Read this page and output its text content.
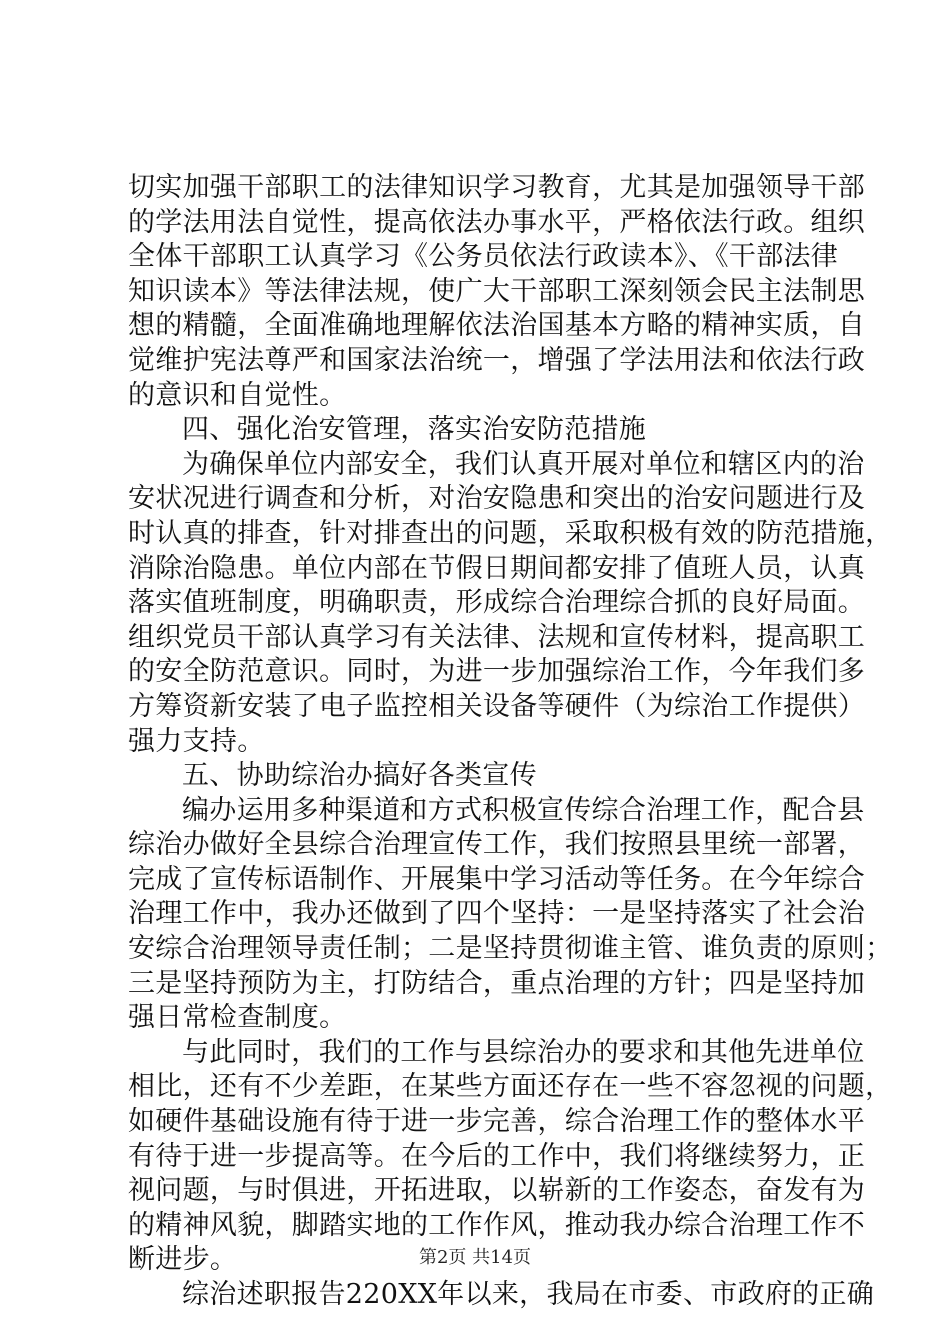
切实加强干部职工的法律知识学习教育，尤其是加强领导干部
的学法用法自觉性，提高依法办事水平，严格依法行政。组织
全体干部职工认真学习《公务员依法行政读本》、《干部法律
知识读本》等法律法规，使广大干部职工深刻领会民主法制思
想的精髓，全面准确地理解依法治国基本方略的精神实质，自
觉维护宪法尊严和国家法治统一，增强了学法用法和依法行政
的意识和自觉性。
四、强化治安管理，落实治安防范措施
为确保单位内部安全，我们认真开展对单位和辖区内的治
安状况进行调查和分析，对治安隐患和突出的治安问题进行及
时认真的排查，针对排查出的问题，采取积极有效的防范措施，
消除治隐患。单位内部在节假日期间都安排了值班人员，认真
落实值班制度，明确职责，形成综合治理综合抓的良好局面。
组织党员干部认真学习有关法律、法规和宣传材料，提高职工
的安全防范意识。同时，为进一步加强综治工作，今年我们多
方筹资新安装了电子监控相关设备等硬件（为综治工作提供）
强力支持。
五、协助综治办搞好各类宣传
编办运用多种渠道和方式积极宣传综合治理工作，配合县
综治办做好全县综合治理宣传工作，我们按照县里统一部署，
完成了宣传标语制作、开展集中学习活动等任务。在今年综合
治理工作中，我办还做到了四个坚持：一是坚持落实了社会治
安综合治理领导责任制；二是坚持贯彻谁主管、谁负责的原则；
三是坚持预防为主，打防结合，重点治理的方针；四是坚持加
强日常检查制度。
与此同时，我们的工作与县综治办的要求和其他先进单位
相比，还有不少差距，在某些方面还存在一些不容忽视的问题，
如硬件基础设施有待于进一步完善，综合治理工作的整体水平
有待于进一步提高等。在今后的工作中，我们将继续努力，正
视问题，与时俱进，开拓进取，以崭新的工作姿态，奋发有为
的精神风貌，脚踏实地的工作作风，推动我办综合治理工作不
断进步。
综治述职报告220XX年以来，我局在市委、市政府的正确
第2页 共14页
